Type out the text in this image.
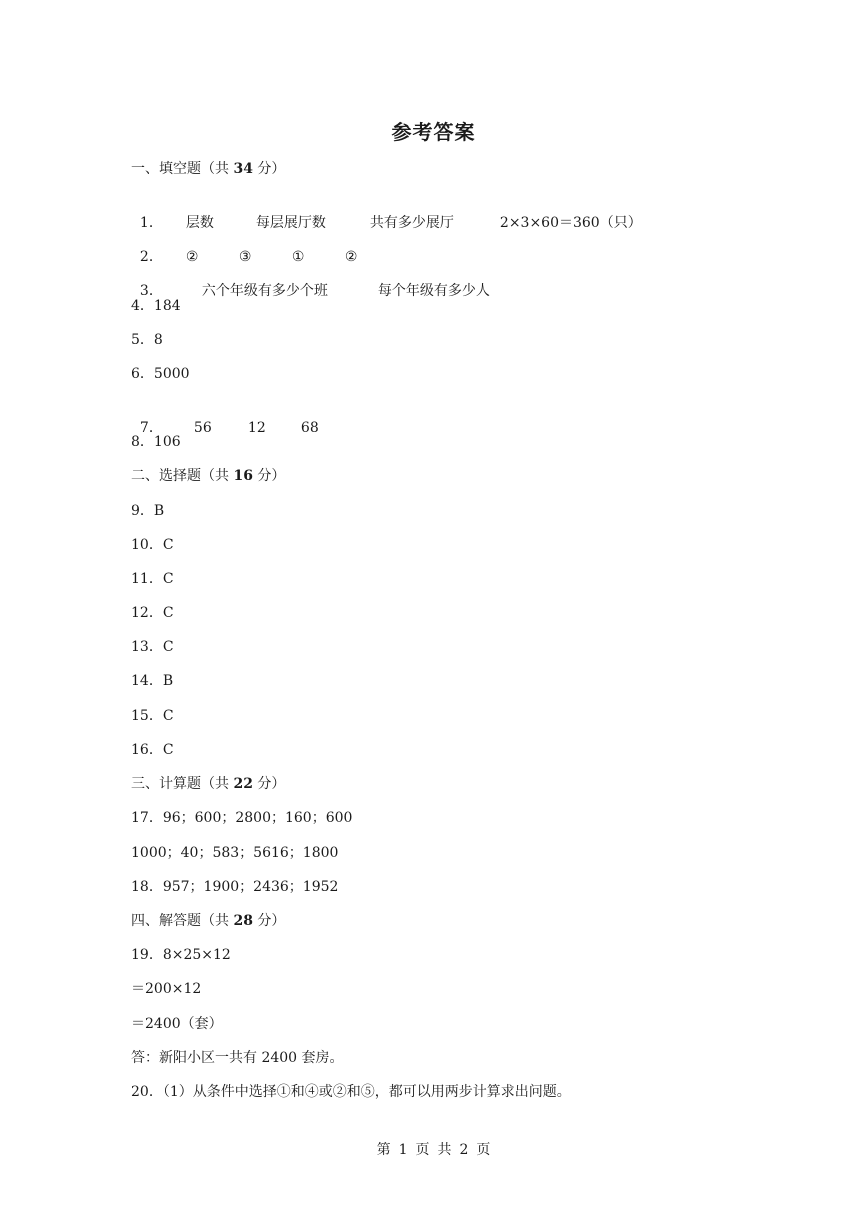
参考答案
一、填空题（共 34 分）

1． 层数	每层展厅数	共有多少展厅	2×3×60＝360（只）

2． ②	③	①	②

3．	六个年级有多少个班	每个年级有多少人

4．184
5．8
6．5000

7． 56	12	68

8．106
二、选择题（共 16 分）
9．B
10．C
11．C
12．C
13．C
14．B
15．C
16．C
三、计算题（共 22 分）
17．96；600；2800；160；600
1000；40；583；5616；1800
18．957；1900；2436；1952
四、解答题（共 28 分）
19．8×25×12
＝200×12
＝2400（套）
答：新阳小区一共有 2400 套房。
20．（1）从条件中选择①和④或②和⑤，都可以用两步计算求出问题。
第 1 页 共 2 页
